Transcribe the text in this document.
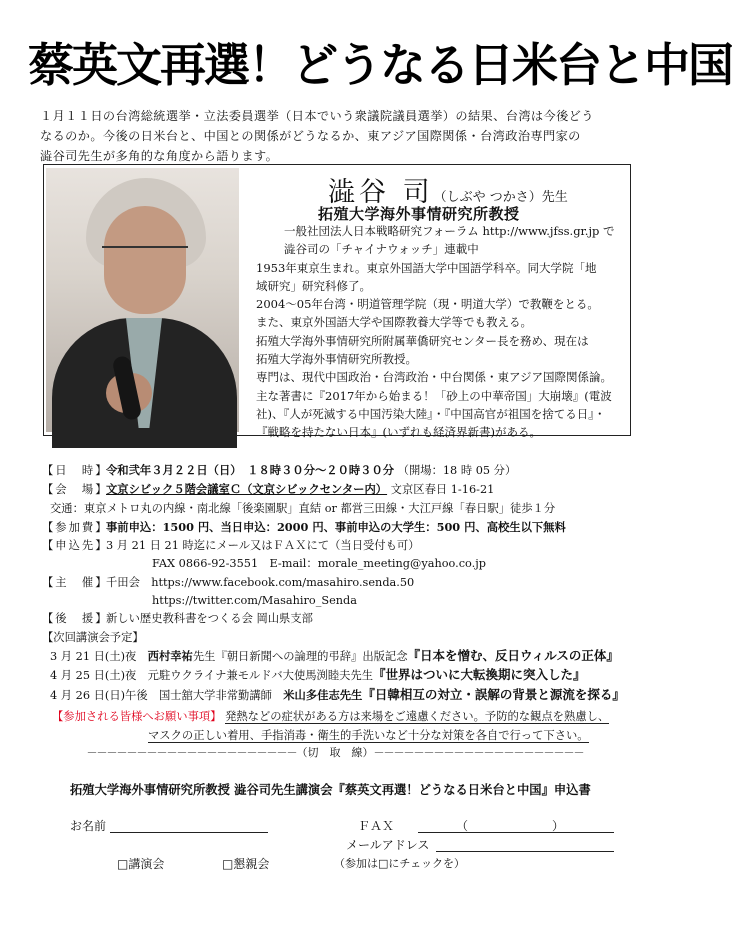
蔡英文再選！どうなる日米台と中国
１月１１日の台湾総統選挙・立法委員選挙（日本でいう衆議院議員選挙）の結果、台湾は今後どう
なるのか。今後の日米台と、中国との関係がどうなるか、東アジア国際関係・台湾政治専門家の
澁谷司先生が多角的な角度から語ります。
澁谷 司（しぶや つかさ）先生
拓殖大学海外事情研究所教授

一般社団法人日本戦略研究フォーラム http://www.jfss.gr.jp で

澁谷司の「チャイナウォッチ」連載中

1953年東京生まれ。東京外国語大学中国語学科卒。同大学院「地

域研究」研究科修了。

2004～05年台湾・明道管理学院（現・明道大学）で教鞭をとる。

また、東京外国語大学や国際教養大学等でも教える。

拓殖大学海外事情研究所附属華僑研究センター長を務め、現在は

拓殖大学海外事情研究所教授。

専門は、現代中国政治・台湾政治・中台関係・東アジア国際関係論。

主な著書に『2017年から始まる！「砂上の中華帝国」大崩壊』(電波

社)、『人が死滅する中国汚染大陸』・『中国高官が祖国を捨てる日』・

『戦略を持たない日本』(いずれも経済界新書)がある。

【日　時】令和弐年３月２２日（日）　１８時３０分～２０時３０分 （開場：18 時 05 分）
【会　場】文京シビック５階会議室Ｃ（文京シビックセンター内） 文京区春日 1-16-21
交通：東京メトロ丸の内線・南北線「後楽園駅」直結 or 都営三田線・大江戸線「春日駅」徒歩１分
【参加費】事前申込：1500 円、当日申込：2000 円、事前申込の大学生：500 円、高校生以下無料
【申込先】3 月 21 日 21 時迄にメール又はＦＡＸにて（当日受付も可）
FAX 0866-92-3551　E-mail：morale_meeting@yahoo.co.jp
【主　催】千田会　https://www.facebook.com/masahiro.senda.50
https://twitter.com/Masahiro_Senda
【後　援】新しい歴史教科書をつくる会 岡山県支部
【次回講演会予定】
3 月 21 日(土)夜　 西村幸祐先生『朝日新聞への論理的弔辞』出版記念『日本を憎む、反日ウィルスの正体』
4 月 25 日(土)夜　 元駐ウクライナ兼モルドバ大使馬渕睦夫先生『世界はついに大転換期に突入した』
4 月 26 日(日)午後　 国士舘大学非常勤講師　 米山多佳志先生『日韓相互の対立・誤解の背景と源流を探る』
【参加される皆様へお願い事項】 発熱などの症状がある方は来場をご遠慮ください。予防的な観点を熟慮し、
マスクの正しい着用、手指消毒・衛生的手洗いなど十分な対策を各自で行って下さい。
－－－－－－－－－－－－－－－－－－－－－（切　取　線）－－－－－－－－－－－－－－－－－－－－－
拓殖大学海外事情研究所教授 澁谷司先生講演会『蔡英文再選！どうなる日米台と中国』申込書
お名前	ＦＡＸ	（　　　　　　　）
メールアドレス
□講演会	□懇親会	（参加は□にチェックを）
